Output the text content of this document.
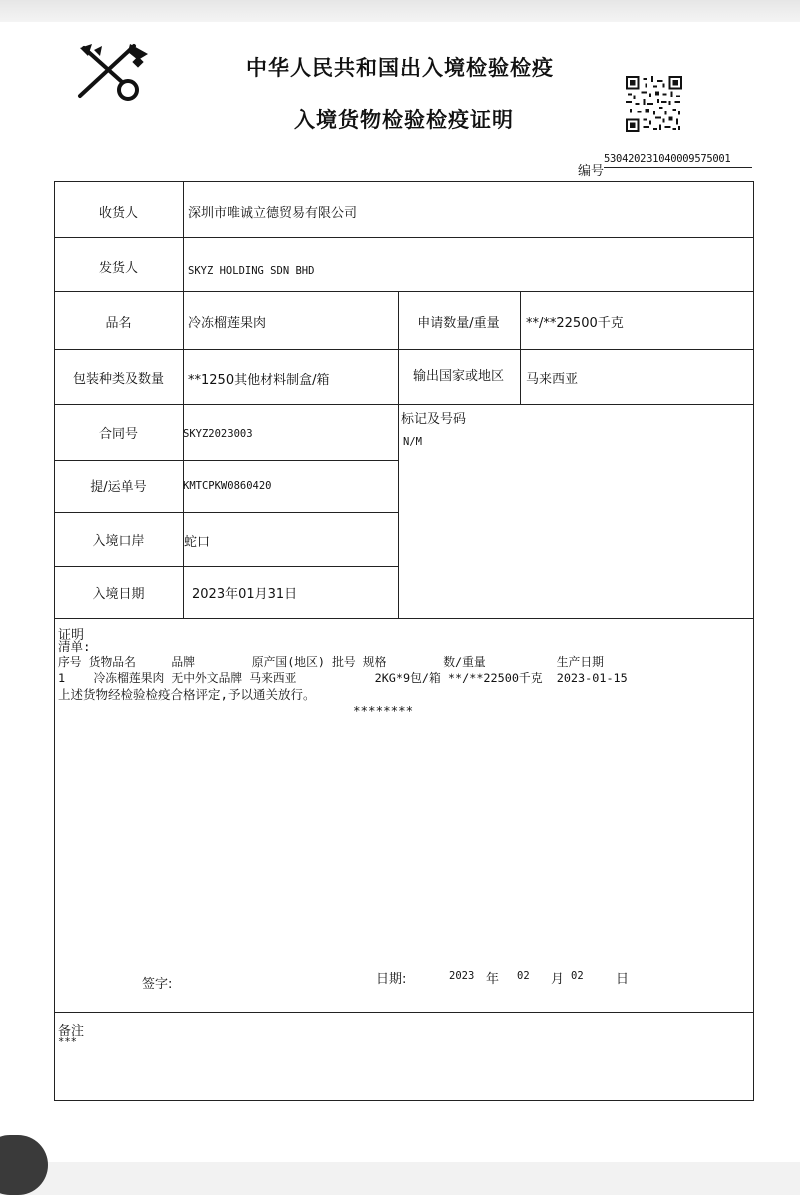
中华人民共和国出入境检验检疫
入境货物检验检疫证明
编号
530420231040009575001
收货人	深圳市唯诚立德贸易有限公司
发货人	SKYZ HOLDING SDN BHD
品名	冷冻榴莲果肉	申请数量/重量	**/**22500千克
包装种类及数量	**1250其他材料制盒/箱	输出国家或地区	马来西亚
合同号	SKYZ2023003
标记及号码
N/M
提/运单号	KMTCPKW0860420
入境口岸	蛇口
入境日期	2023年01月31日
证明
清单:
序号 货物品名     品牌        原产国(地区) 批号 规格        数/重量          生产日期
1    冷冻榴莲果肉 无中外文品牌 马来西亚           2KG*9包/箱 **/**22500千克  2023-01-15
上述货物经检验检疫合格评定,予以通关放行。
********
签字:	日期:	2023 年 02 月 02 日
备注
***
